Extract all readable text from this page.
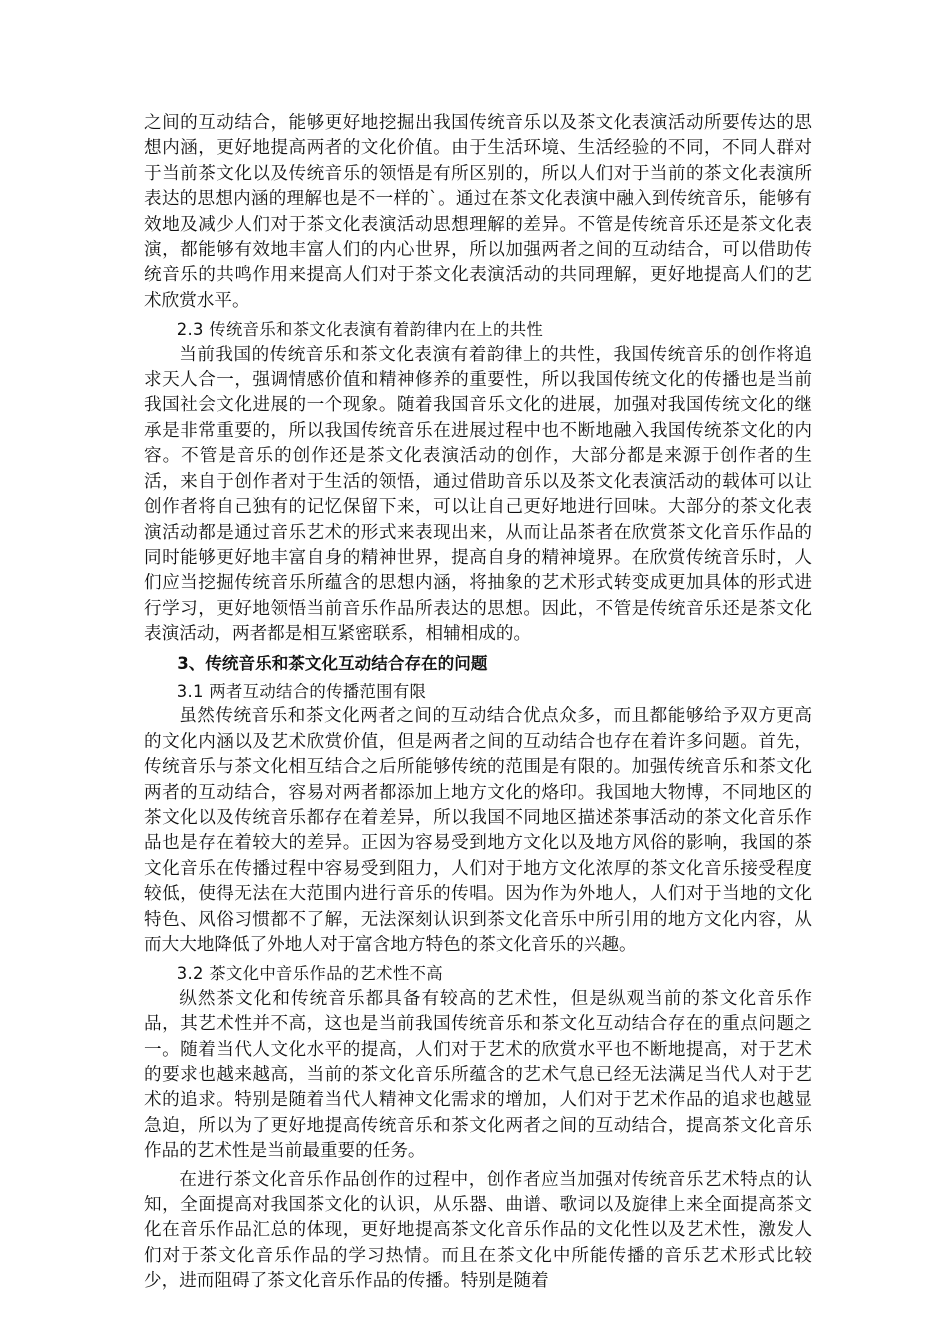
之间的互动结合，能够更好地挖掘出我国传统音乐以及茶文化表演活动所要传达的思想内涵，更好地提高两者的文化价值。由于生活环境、生活经验的不同，不同人群对于当前茶文化以及传统音乐的领悟是有所区别的，所以人们对于当前的茶文化表演所表达的思想内涵的理解也是不一样的`。通过在茶文化表演中融入到传统音乐，能够有效地及减少人们对于茶文化表演活动思想理解的差异。不管是传统音乐还是茶文化表演，都能够有效地丰富人们的内心世界，所以加强两者之间的互动结合，可以借助传统音乐的共鸣作用来提高人们对于茶文化表演活动的共同理解，更好地提高人们的艺术欣赏水平。

2.3 传统音乐和茶文化表演有着韵律内在上的共性

当前我国的传统音乐和茶文化表演有着韵律上的共性，我国传统音乐的创作将追求天人合一，强调情感价值和精神修养的重要性，所以我国传统文化的传播也是当前我国社会文化进展的一个现象。随着我国音乐文化的进展，加强对我国传统文化的继承是非常重要的，所以我国传统音乐在进展过程中也不断地融入我国传统茶文化的内容。不管是音乐的创作还是茶文化表演活动的创作，大部分都是来源于创作者的生活，来自于创作者对于生活的领悟，通过借助音乐以及茶文化表演活动的载体可以让创作者将自己独有的记忆保留下来，可以让自己更好地进行回味。大部分的茶文化表演活动都是通过音乐艺术的形式来表现出来，从而让品茶者在欣赏茶文化音乐作品的同时能够更好地丰富自身的精神世界，提高自身的精神境界。在欣赏传统音乐时，人们应当挖掘传统音乐所蕴含的思想内涵，将抽象的艺术形式转变成更加具体的形式进行学习，更好地领悟当前音乐作品所表达的思想。因此，不管是传统音乐还是茶文化表演活动，两者都是相互紧密联系，相辅相成的。

3、传统音乐和茶文化互动结合存在的问题

3.1 两者互动结合的传播范围有限

虽然传统音乐和茶文化两者之间的互动结合优点众多，而且都能够给予双方更高的文化内涵以及艺术欣赏价值，但是两者之间的互动结合也存在着许多问题。首先，传统音乐与茶文化相互结合之后所能够传统的范围是有限的。加强传统音乐和茶文化两者的互动结合，容易对两者都添加上地方文化的烙印。我国地大物博，不同地区的茶文化以及传统音乐都存在着差异，所以我国不同地区描述茶事活动的茶文化音乐作品也是存在着较大的差异。正因为容易受到地方文化以及地方风俗的影响，我国的茶文化音乐在传播过程中容易受到阻力，人们对于地方文化浓厚的茶文化音乐接受程度较低，使得无法在大范围内进行音乐的传唱。因为作为外地人，人们对于当地的文化特色、风俗习惯都不了解，无法深刻认识到茶文化音乐中所引用的地方文化内容，从而大大地降低了外地人对于富含地方特色的茶文化音乐的兴趣。

3.2 茶文化中音乐作品的艺术性不高

纵然茶文化和传统音乐都具备有较高的艺术性，但是纵观当前的茶文化音乐作品，其艺术性并不高，这也是当前我国传统音乐和茶文化互动结合存在的重点问题之一。随着当代人文化水平的提高，人们对于艺术的欣赏水平也不断地提高，对于艺术的要求也越来越高，当前的茶文化音乐所蕴含的艺术气息已经无法满足当代人对于艺术的追求。特别是随着当代人精神文化需求的增加，人们对于艺术作品的追求也越显急迫，所以为了更好地提高传统音乐和茶文化两者之间的互动结合，提高茶文化音乐作品的艺术性是当前最重要的任务。

在进行茶文化音乐作品创作的过程中，创作者应当加强对传统音乐艺术特点的认知，全面提高对我国茶文化的认识，从乐器、曲谱、歌词以及旋律上来全面提高茶文化在音乐作品汇总的体现，更好地提高茶文化音乐作品的文化性以及艺术性，激发人们对于茶文化音乐作品的学习热情。而且在茶文化中所能传播的音乐艺术形式比较少，进而阻碍了茶文化音乐作品的传播。特别是随着
